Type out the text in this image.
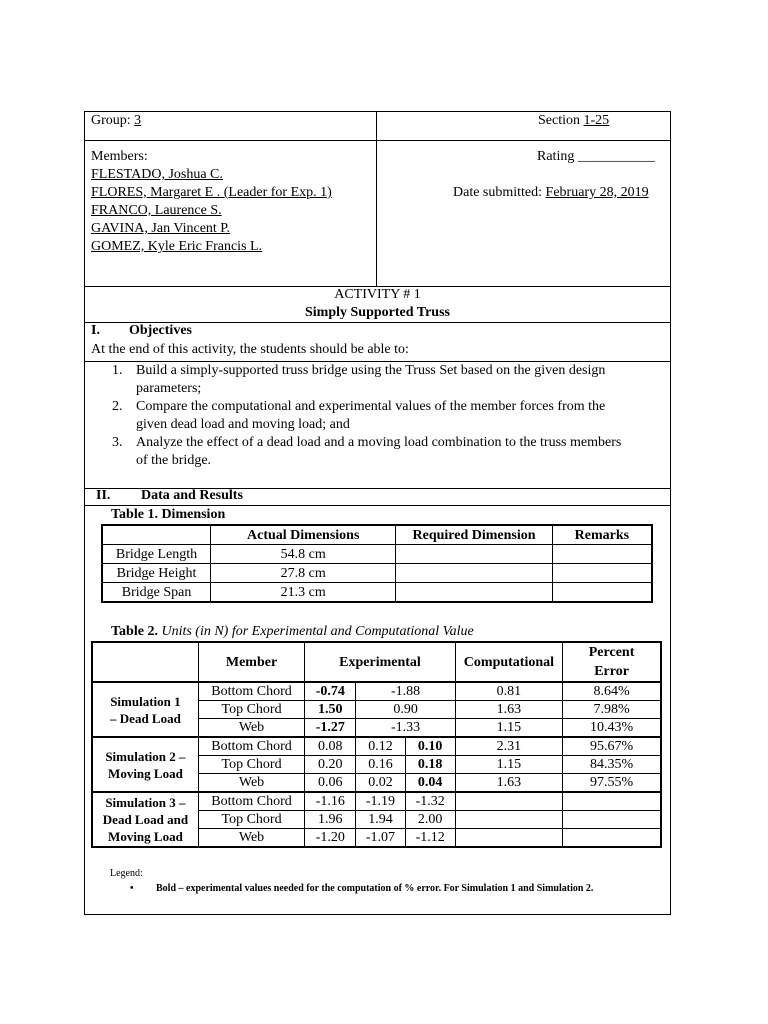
Group: 3	Section 1-25
Members:
FLESTADO, Joshua C.
FLORES, Margaret E . (Leader for Exp. 1)
FRANCO, Laurence S.
GAVINA, Jan Vincent P.
GOMEZ, Kyle Eric Francis L.
Rating ___________
Date submitted: February 28, 2019
ACTIVITY # 1
Simply Supported Truss
I. Objectives
At the end of this activity, the students should be able to:
1. Build a simply-supported truss bridge using the Truss Set based on the given design
parameters;
2. Compare the computational and experimental values of the member forces from the
given dead load and moving load; and
3. Analyze the effect of a dead load and a moving load combination to the truss members
of the bridge.
II. Data and Results
Table 1. Dimension
	Actual Dimensions	Required Dimension	Remarks
Bridge Length	54.8 cm		
Bridge Height	27.8 cm		
Bridge Span	21.3 cm		
Table 2. Units (in N) for Experimental and Computational Value
	Member	Experimental			Computational	Percent
Error
Simulation 1
– Dead Load	Bottom Chord	-0.74	-1.88		0.81	8.64%
	Top Chord	1.50	0.90		1.63	7.98%
	Web	-1.27	-1.33		1.15	10.43%
Simulation 2 –
Moving Load	Bottom Chord	0.08	0.12	0.10	2.31	95.67%
	Top Chord	0.20	0.16	0.18	1.15	84.35%
	Web	0.06	0.02	0.04	1.63	97.55%
Simulation 3 –
Dead Load and
Moving Load	Bottom Chord	-1.16	-1.19	-1.32		
	Top Chord	1.96	1.94	2.00		
	Web	-1.20	-1.07	-1.12		
Legend:
• Bold – experimental values needed for the computation of % error. For Simulation 1 and Simulation 2.
